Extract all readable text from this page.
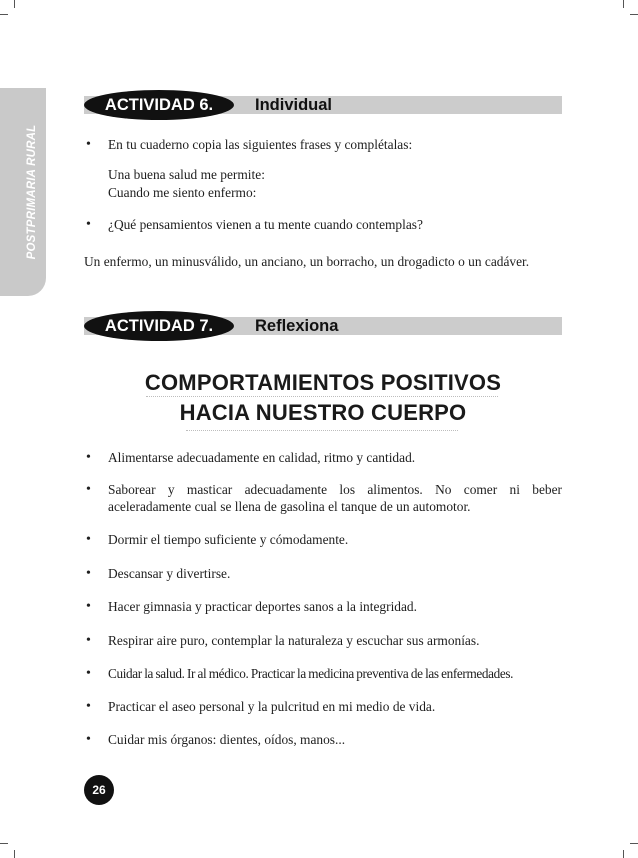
POSTPRIMARIA RURAL
ACTIVIDAD 6.	Individual
• En tu cuaderno copia las siguientes frases y complétalas:
Una buena salud me permite:
Cuando me siento enfermo:
• ¿Qué pensamientos vienen a tu mente cuando contemplas?
Un enfermo, un minusválido, un anciano, un borracho, un drogadicto o un cadáver.
ACTIVIDAD 7.	Reflexiona
COMPORTAMIENTOS POSITIVOS
HACIA NUESTRO CUERPO
• Alimentarse adecuadamente en calidad, ritmo y cantidad.
• Saborear y masticar adecuadamente los alimentos. No comer ni beber
aceleradamente cual se llena de gasolina el tanque de un automotor.
• Dormir el tiempo suficiente y cómodamente.
• Descansar y divertirse.
• Hacer gimnasia y practicar deportes sanos a la integridad.
• Respirar aire puro, contemplar la naturaleza y escuchar sus armonías.
• Cuidar la salud. Ir al médico. Practicar la medicina preventiva de las enfermedades.
• Practicar el aseo personal y la pulcritud en mi medio de vida.
• Cuidar mis órganos: dientes, oídos, manos...
26
